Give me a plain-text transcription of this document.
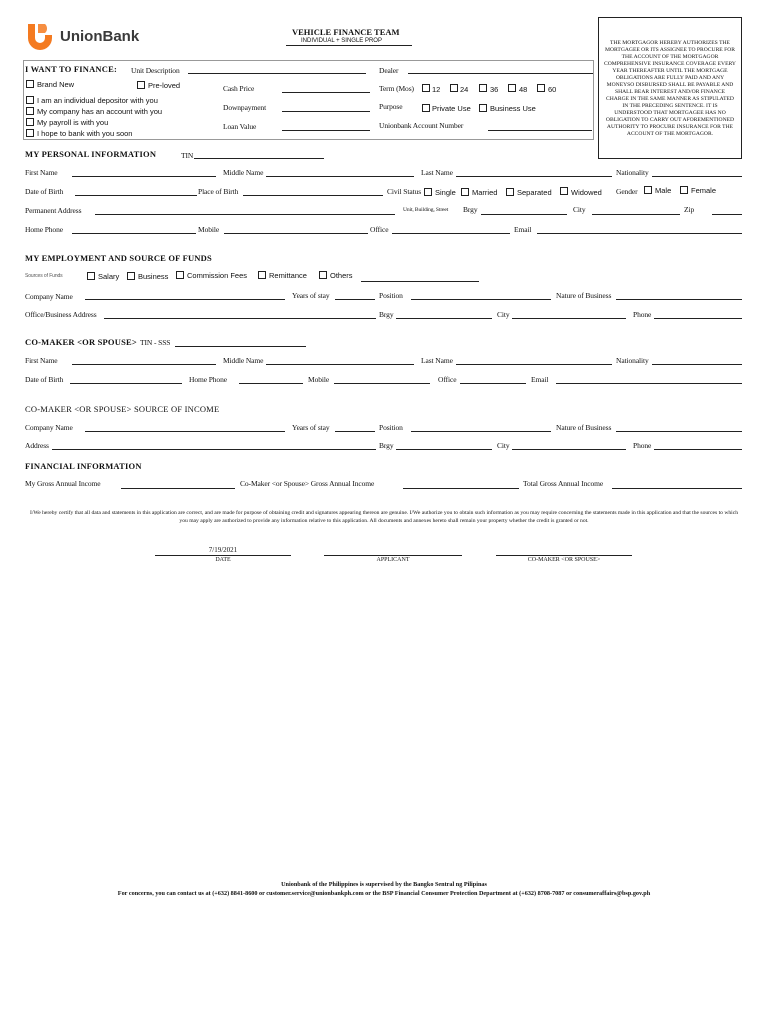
UnionBank	VEHICLE FINANCE TEAM
INDIVIDUAL + SINGLE PROP	THE MORTGAGOR HEREBY AUTHORIZES THE MORTGAGEE OR ITS ASSIGNEE TO PROCURE FOR THE ACCOUNT OF THE MORTGAGOR COMPREHENSIVE INSURANCE COVERAGE EVERY YEAR THEREAFTER UNTIL THE MORTGAGE OBLIGATIONS ARE FULLY PAID AND ANY MONEYSO DISBURSED SHALL BE PAYABLE AND SHALL BEAR INTEREST AND/OR FINANCE CHARGE IN THE SAME MANNER AS STIPULATED IN THE PRECEDING SENTENCE. IT IS UNDERSTOOD THAT MORTGAGEE HAS NO OBLIGATION TO CARRY OUT AFOREMENTIONED AUTHORITY TO PROCURE INSURANCE FOR THE ACCOUNT OF THE MORTGAGOR.
I WANT TO FINANCE: Unit Description	Dealer
Brand New	Pre-loved	Cash Price	Term (Mos) 12	24	36	48	60
I am an individual depositor with you
My company has an account with you
My payroll is with you
I hope to bank with you soon
Downpayment	Purpose	Private Use	Business Use
Loan Value	Unionbank Account Number
MY PERSONAL INFORMATION	TIN
First Name	Middle Name	Last Name	Nationality
Date of Birth	Place of Birth	Civil Status Single Married	Separated	Widowed Gender Male	Female
Permanent Address	Unit, Building, Street Brgy	City	Zip
Home Phone	Mobile	Office	Email
MY EMPLOYMENT AND SOURCE OF FUNDS
Sources of Funds	Salary Business Commission Fees	Remittance	Others
Company Name	Years of stay	Position	Nature of Business
Office/Business Address	Brgy	City	Phone
CO-MAKER <OR SPOUSE> TIN - SSS
First Name	Middle Name	Last Name	Nationality
Date of Birth	Home Phone	Mobile	Office	Email
CO-MAKER <OR SPOUSE> SOURCE OF INCOME
Company Name	Years of stay	Position	Nature of Business
Address	Brgy	City	Phone
FINANCIAL INFORMATION
My Gross Annual Income	Co-Maker <or Spouse> Gross Annual Income	Total Gross Annual Income
I/We hereby certify that all data and statements in this application are correct, and are made for purpose of obtaining credit and signatures appearing thereon are genuine. I/We authorize you to obtain such information as you may require concerning the statements made in this application and that the sources to which you may apply are authorized to provide any information relative to this application. All documents and annexes hereto shall remain your property whether the credit is granted or not.
7/19/2021
DATE	APPLICANT	CO-MAKER <OR SPOUSE>
Unionbank of the Philippines is supervised by the Bangko Sentral ng Pilipinas
For concerns, you can contact us at (+632) 8841-8600 or customer.service@unionbankph.com or the BSP Financial Consumer Protection Department at (+632) 8708-7087 or consumeraffairs@bsp.gov.ph
